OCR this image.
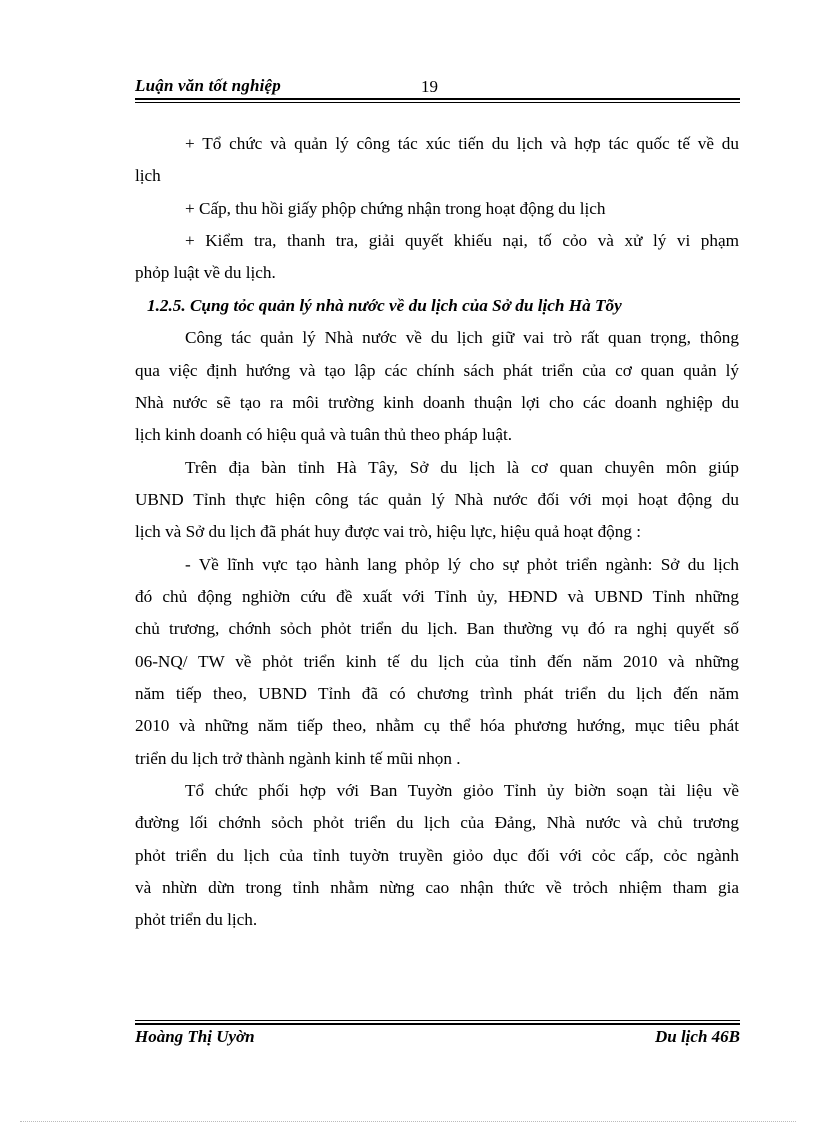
Luận văn tốt nghiệp	19
+ Tổ chức và quản lý công tác xúc tiến du lịch và hợp tác quốc tế về du
lịch
+ Cấp, thu hồi giấy phộp chứng nhận trong hoạt động du lịch
+ Kiểm tra, thanh tra, giải quyết khiếu nại, tố cỏo và xử lý vi phạm
phỏp luật về du lịch.
1.2.5. Cụng tỏc quản lý nhà nước về du lịch của Sở du lịch Hà Tõy
Công tác quản lý Nhà nước về du lịch giữ vai trò rất quan trọng, thông
qua việc định hướng và tạo lập các chính sách phát triển của cơ quan quản lý
Nhà nước sẽ tạo ra môi trường kinh doanh thuận lợi cho các doanh nghiệp du
lịch kinh doanh có hiệu quả và tuân thủ theo pháp luật.
Trên địa bàn tỉnh Hà Tây, Sở du lịch là cơ quan chuyên môn giúp
UBND Tỉnh thực hiện công tác quản lý Nhà nước đối với mọi hoạt động du
lịch và Sở du lịch đã phát huy được vai trò, hiệu lực, hiệu quả hoạt động :
- Về lĩnh vực tạo hành lang phỏp lý cho sự phỏt triển ngành: Sở du lịch
đó chủ động nghiờn cứu đề xuất với Tỉnh ủy, HĐND và UBND Tỉnh những
chủ trương, chớnh sỏch phỏt triển du lịch. Ban thường vụ đó ra nghị quyết số
06-NQ/ TW về phỏt triển kinh tế du lịch của tỉnh đến năm 2010 và những
năm tiếp theo, UBND Tỉnh đã có chương trình phát triển du lịch đến năm
2010 và những năm tiếp theo, nhằm cụ thể hóa phương hướng, mục tiêu phát
triển du lịch trở thành ngành kinh tế mũi nhọn .
Tổ chức phối hợp với Ban Tuyờn giỏo Tỉnh ủy biờn soạn tài liệu về
đường lối chớnh sỏch phỏt triển du lịch của Đảng, Nhà nước và chủ trương
phỏt triển du lịch của tỉnh tuyờn truyền giỏo dục đối với cỏc cấp, cỏc ngành
và nhừn dừn trong tỉnh nhằm nừng cao nhận thức về trỏch nhiệm tham gia
phỏt triển du lịch.
Hoàng Thị Uyờn	Du lịch 46B
